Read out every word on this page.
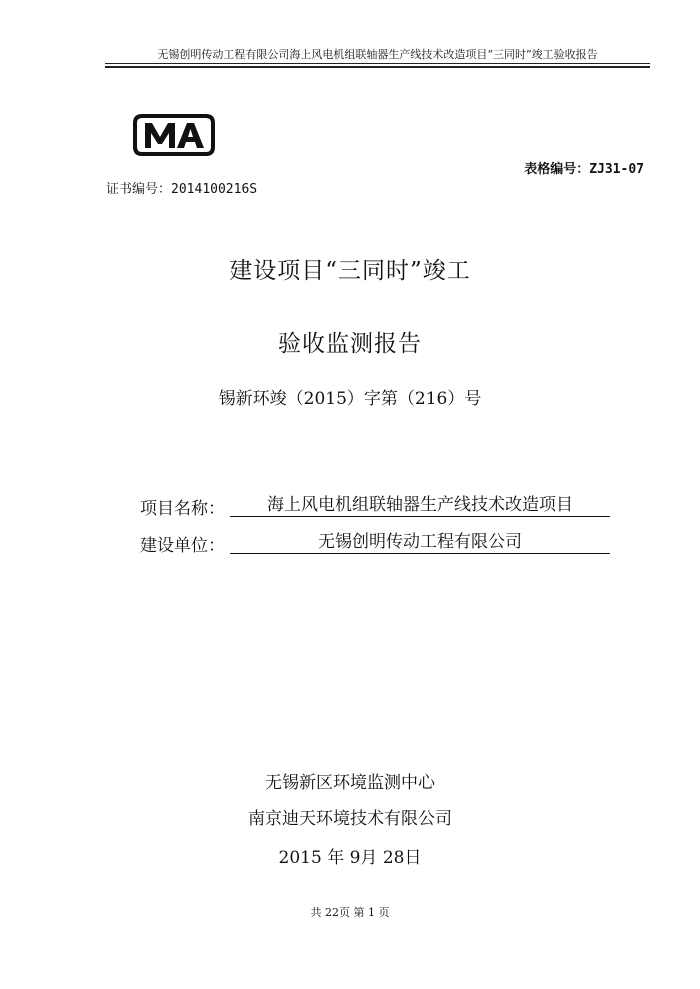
无锡创明传动工程有限公司海上风电机组联轴器生产线技术改造项目“三同时”竣工验收报告
表格编号：ZJ31-07
证书编号：2014100216S
建设项目“三同时”竣工
验收监测报告
锡新环竣（2015）字第（216）号
项目名称：	海上风电机组联轴器生产线技术改造项目
建设单位：	无锡创明传动工程有限公司
无锡新区环境监测中心
南京迪天环境技术有限公司
2015 年 9月 28日
共 22页 第 1 页
